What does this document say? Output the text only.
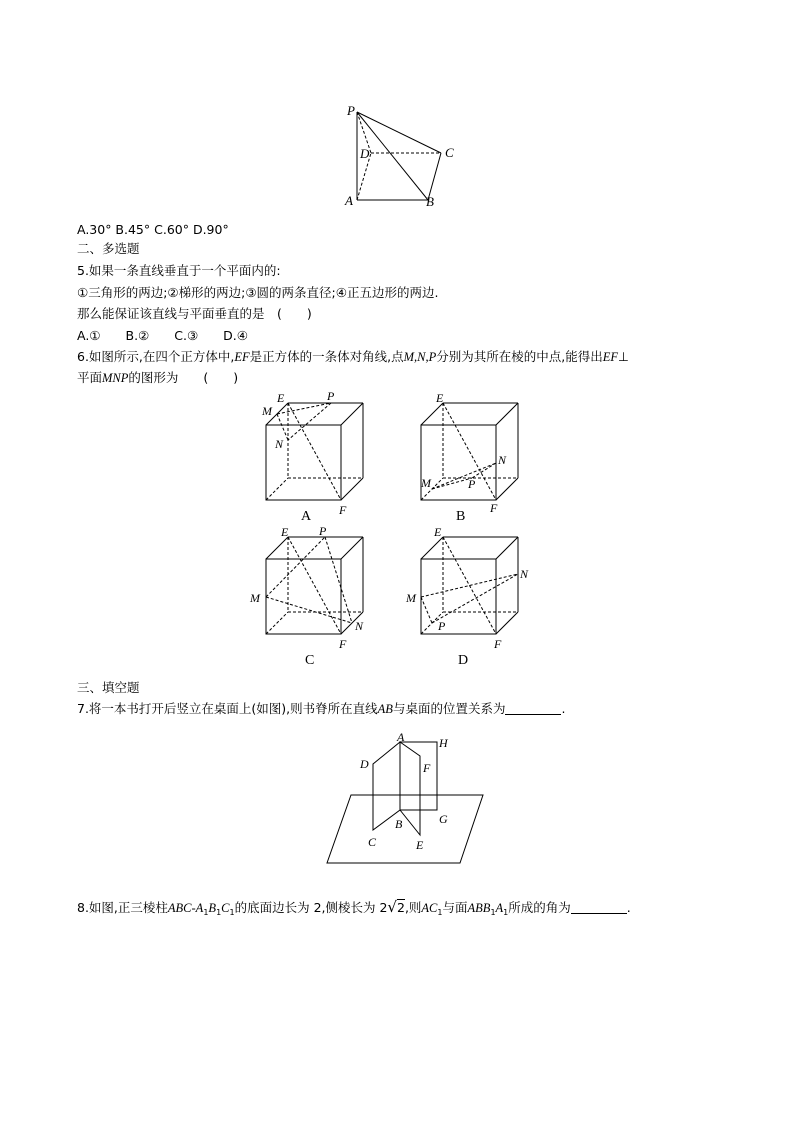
P
D	C
A	B
A.30° B.45° C.60° D.90°
二、多选题
5.如果一条直线垂直于一个平面内的:
①三角形的两边;②梯形的两边;③圆的两条直径;④正五边形的两边.
那么能保证该直线与平面垂直的是　(　　)
A.①　　B.②　　C.③　　D.④
6.如图所示,在四个正方体中,EF是正方体的一条体对角线,点M,N,P分别为其所在棱的中点,能得出EF⊥
平面MNP的图形为　　(　　)
E	P
M
N
F
A
E
N
M	P
F
B
E	P
M
N
F
C
E
N
M
P
F
D
三、填空题
7.将一本书打开后竖立在桌面上(如图),则书脊所在直线AB与桌面的位置关系为	.
A	H
D	F
B	G
C	E
8.如图,正三棱柱ABC-$A_1B_1C_1$的底面边长为 2,侧棱长为 2√2,则$AC_1$与面$ABB_1A_1$所成的角为	.
